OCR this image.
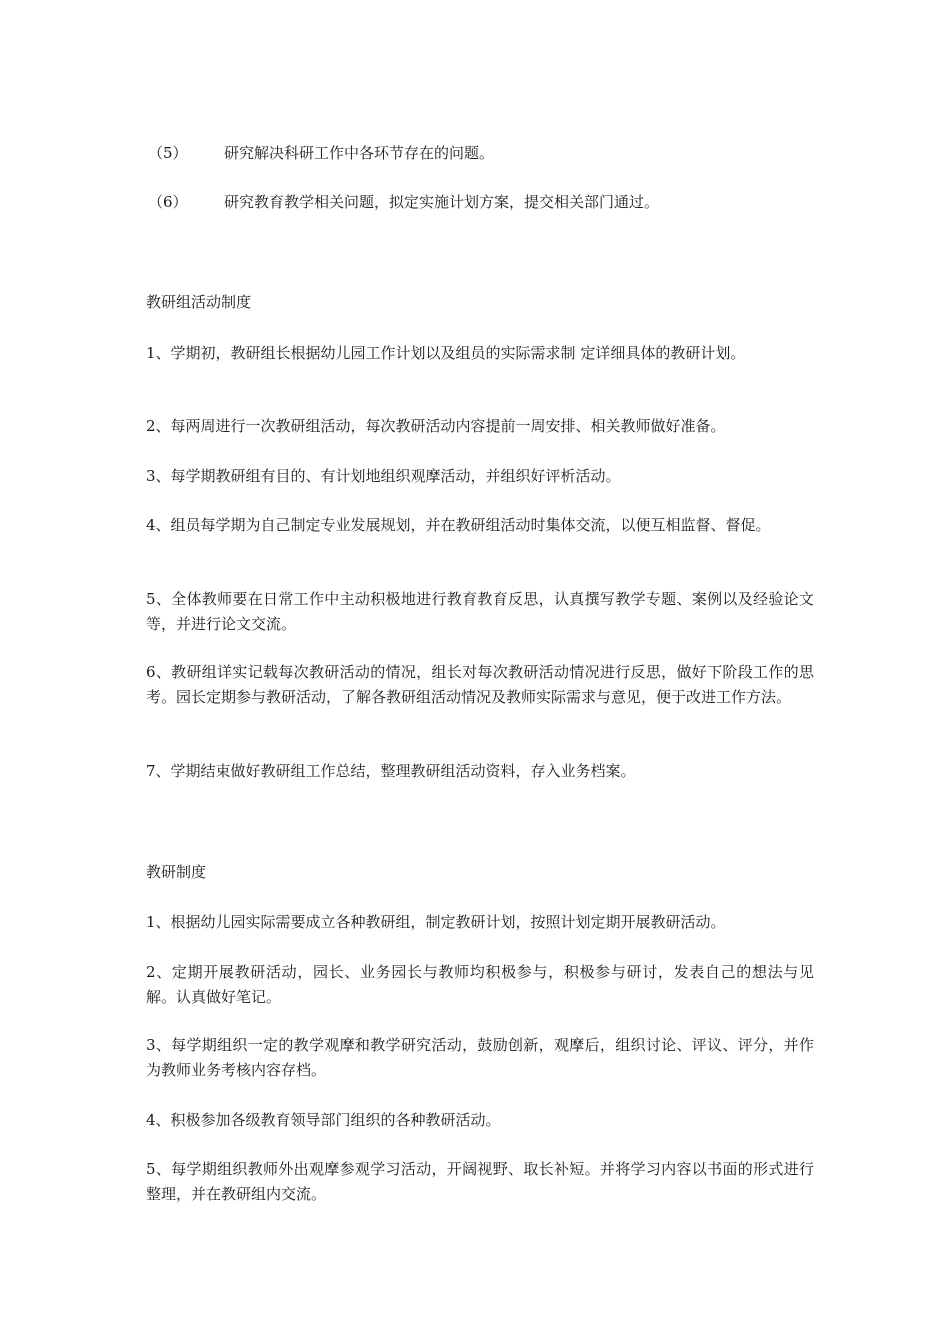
（5） 研究解决科研工作中各环节存在的问题。
（6） 研究教育教学相关问题，拟定实施计划方案，提交相关部门通过。
教研组活动制度
1、学期初，教研组长根据幼儿园工作计划以及组员的实际需求制 定详细具体的教研计划。
2、每两周进行一次教研组活动，每次教研活动内容提前一周安排、相关教师做好准备。
3、每学期教研组有目的、有计划地组织观摩活动，并组织好评析活动。
4、组员每学期为自己制定专业发展规划，并在教研组活动时集体交流，以便互相监督、督促。
5、全体教师要在日常工作中主动积极地进行教育教育反思，认真撰写教学专题、案例以及经验论文等，并进行论文交流。
6、教研组详实记载每次教研活动的情况，组长对每次教研活动情况进行反思，做好下阶段工作的思考。园长定期参与教研活动，了解各教研组活动情况及教师实际需求与意见，便于改进工作方法。
7、学期结束做好教研组工作总结，整理教研组活动资料，存入业务档案。
教研制度
1、根据幼儿园实际需要成立各种教研组，制定教研计划，按照计划定期开展教研活动。
2、定期开展教研活动，园长、业务园长与教师均积极参与，积极参与研讨，发表自己的想法与见解。认真做好笔记。
3、每学期组织一定的教学观摩和教学研究活动，鼓励创新，观摩后，组织讨论、评议、评分，并作为教师业务考核内容存档。
4、积极参加各级教育领导部门组织的各种教研活动。
5、每学期组织教师外出观摩参观学习活动，开阔视野、取长补短。并将学习内容以书面的形式进行整理，并在教研组内交流。
